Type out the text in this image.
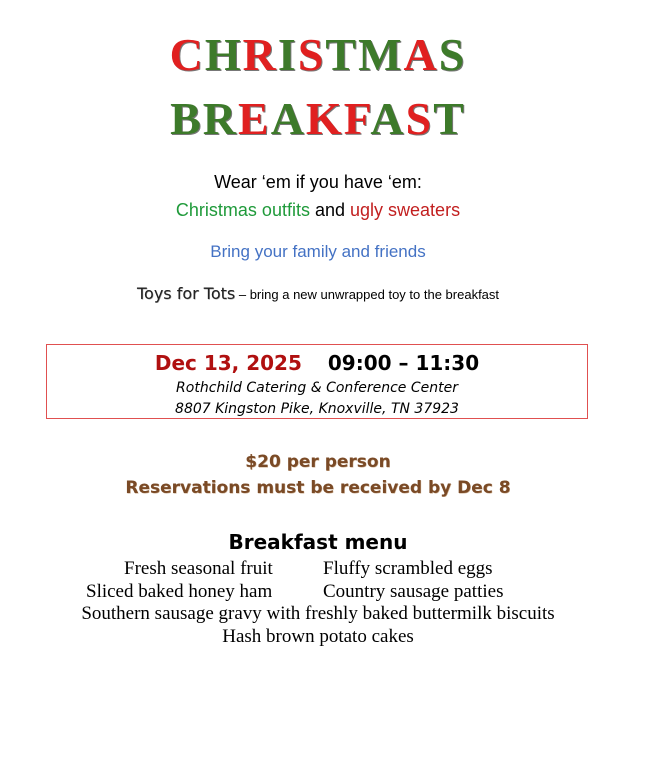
CHRISTMAS
BREAKFAST
Wear ‘em if you have ‘em:
Christmas outfits and ugly sweaters
Bring your family and friends
Toys for Tots – bring a new unwrapped toy to the breakfast
Dec 13, 2025 09:00 – 11:30
Rothchild Catering & Conference Center
8807 Kingston Pike, Knoxville, TN 37923
$20 per person
Reservations must be received by Dec 8
Breakfast menu
Fresh seasonal fruit	Fluffy scrambled eggs
Sliced baked honey ham	Country sausage patties
Southern sausage gravy with freshly baked buttermilk biscuits
Hash brown potato cakes
